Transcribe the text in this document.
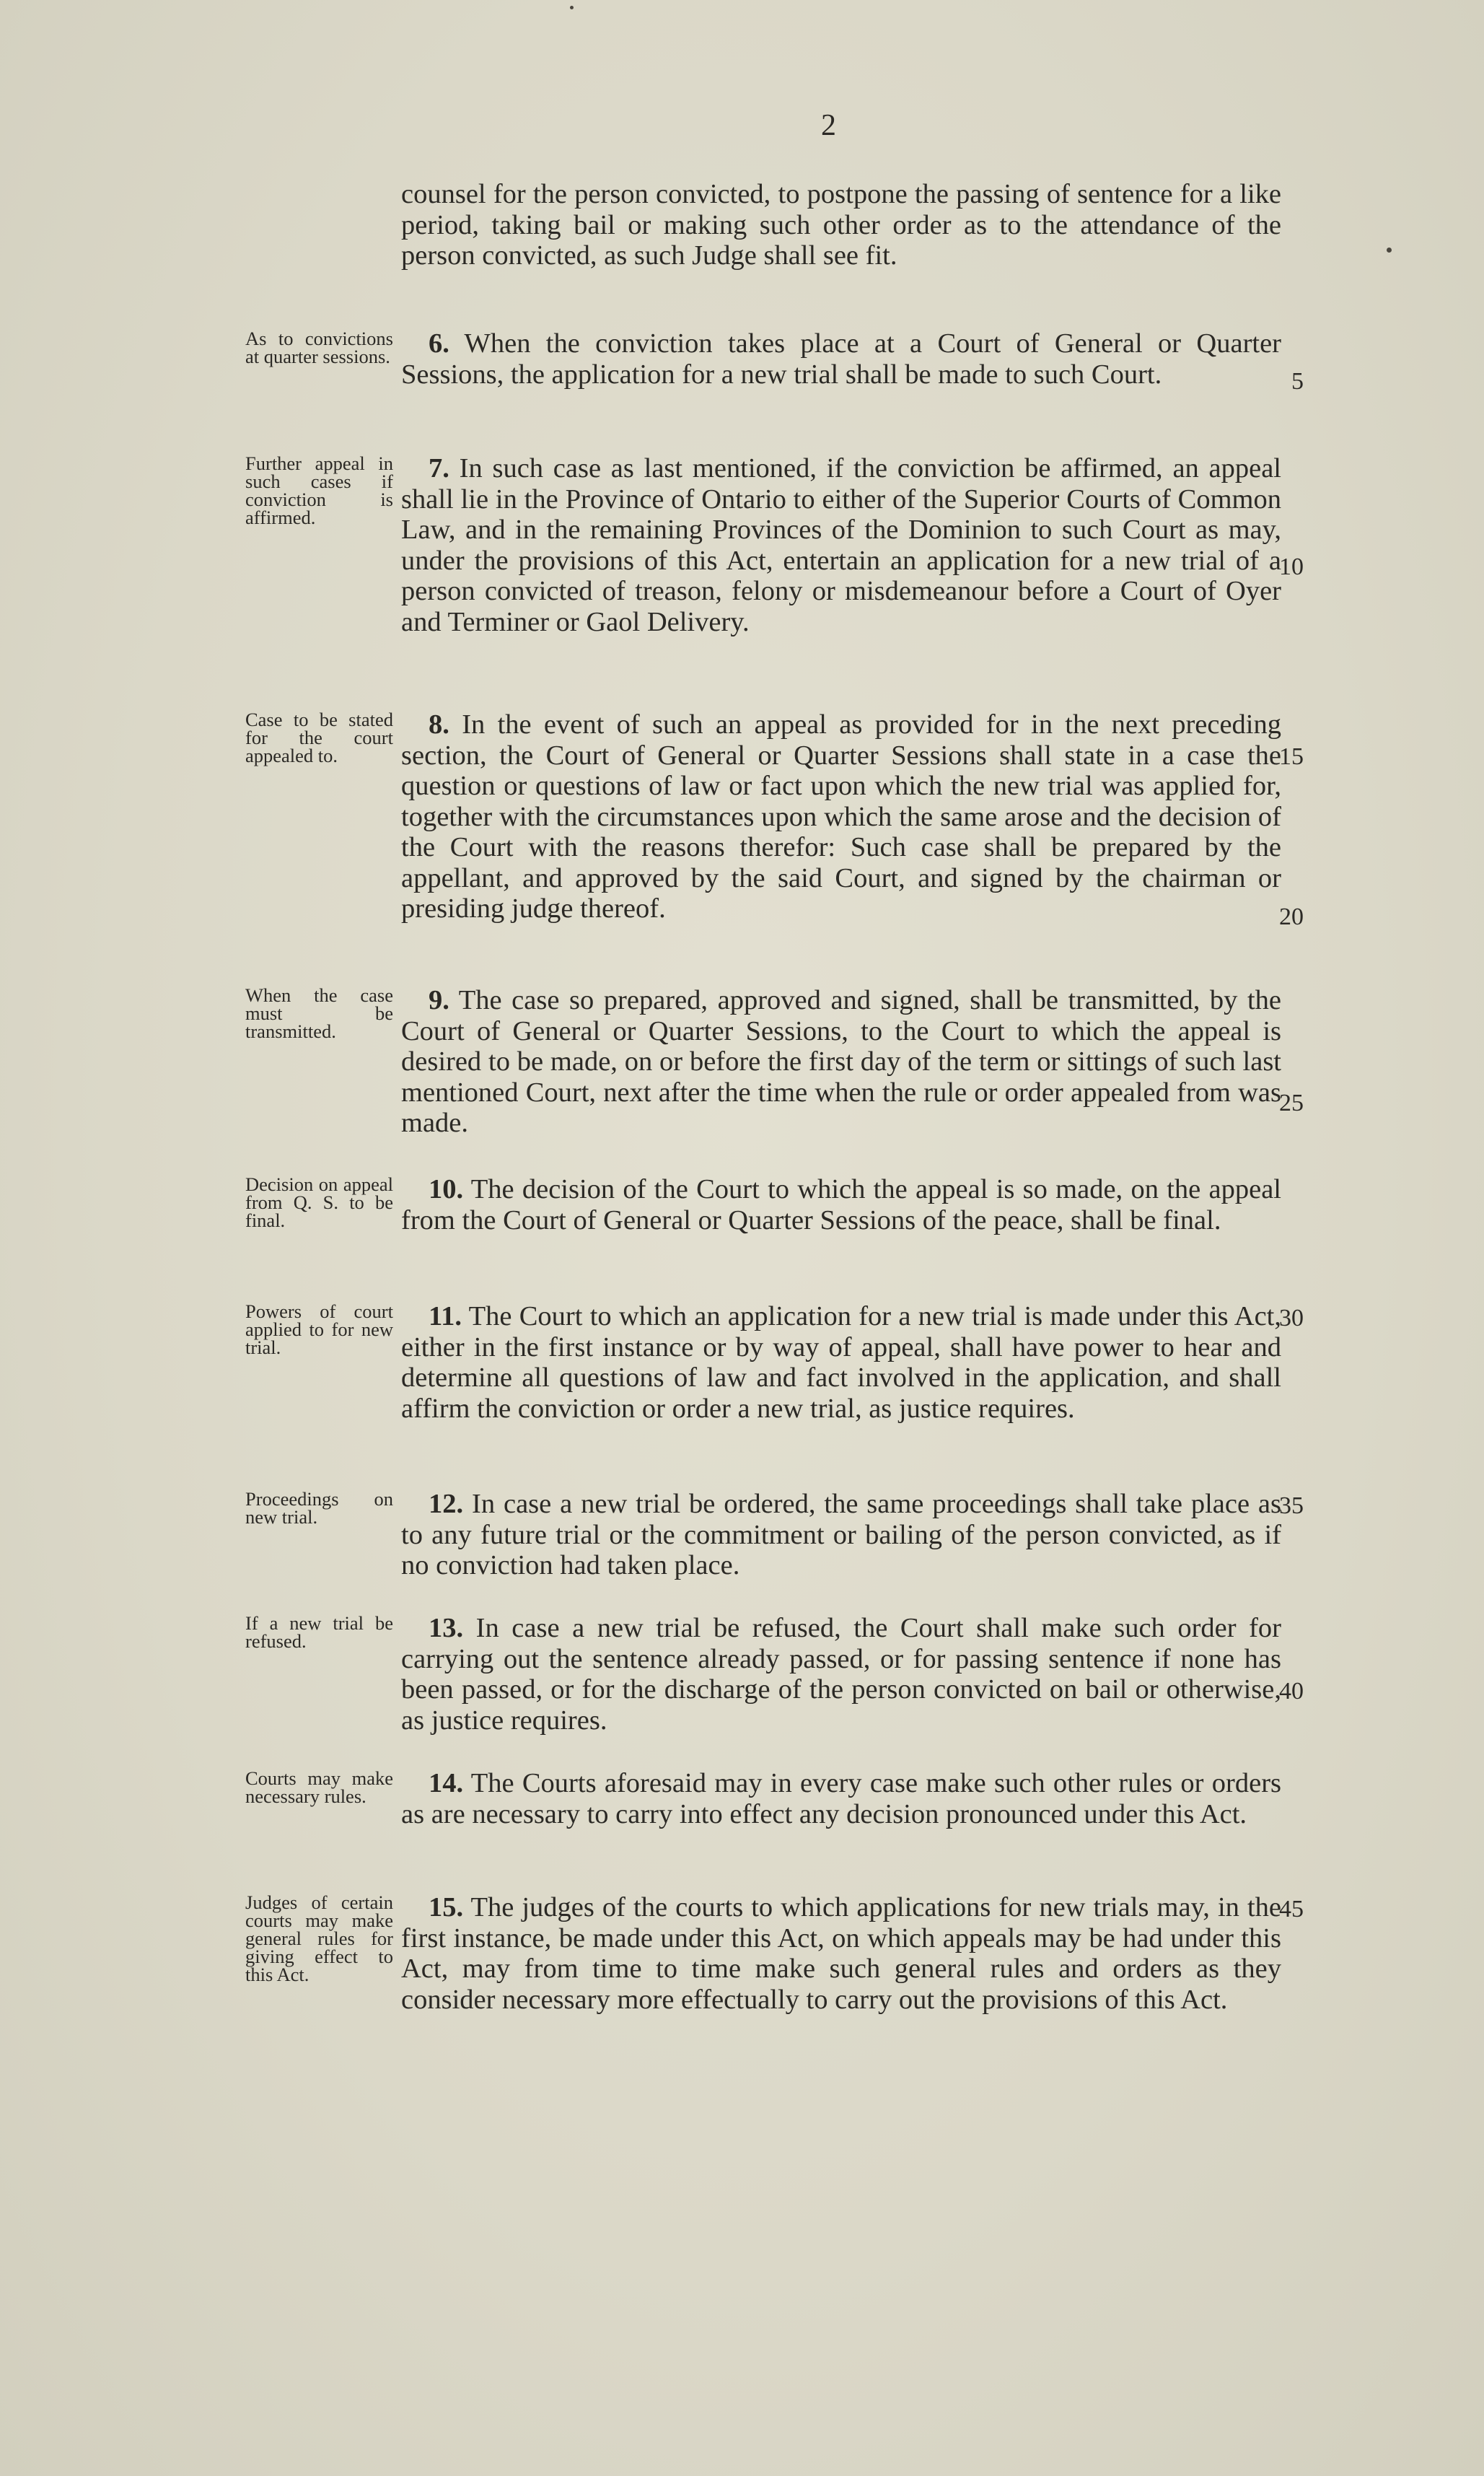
2
counsel for the person convicted, to postpone the passing of sentence for a like period, taking bail or making such other order as to the attendance of the person convicted, as such Judge shall see fit.
As to convictions at quarter sessions.	6. When the conviction takes place at a Court of General or Quarter Sessions, the application for a new trial shall be made to such Court.
Further appeal in such cases if conviction is affirmed.
7. In such case as last mentioned, if the conviction be affirmed, an appeal shall lie in the Province of Ontario to either of the Superior Courts of Common Law, and in the remaining Provinces of the Dominion to such Court as may, under the provisions of this Act, entertain an application for a new trial of a person convicted of treason, felony or misdemeanour before a Court of Oyer and Terminer or Gaol Delivery.
Case to be stated for the court appealed to.
8. In the event of such an appeal as provided for in the next preceding section, the Court of General or Quarter Sessions shall state in a case the question or questions of law or fact upon which the new trial was applied for, together with the circumstances upon which the same arose and the decision of the Court with the reasons therefor: Such case shall be prepared by the appellant, and approved by the said Court, and signed by the chairman or presiding judge thereof.
When the case must be transmitted.
9. The case so prepared, approved and signed, shall be transmitted, by the Court of General or Quarter Sessions, to the Court to which the appeal is desired to be made, on or before the first day of the term or sittings of such last mentioned Court, next after the time when the rule or order appealed from was made.
Decision on appeal from Q. S. to be final.
10. The decision of the Court to which the appeal is so made, on the appeal from the Court of General or Quarter Sessions of the peace, shall be final.
Powers of court applied to for new trial.
11. The Court to which an application for a new trial is made under this Act, either in the first instance or by way of appeal, shall have power to hear and determine all questions of law and fact involved in the application, and shall affirm the conviction or order a new trial, as justice requires.
Proceedings on new trial.	12. In case a new trial be ordered, the same proceedings shall take place as to any future trial or the commitment or bailing of the person convicted, as if no conviction had taken place.
If a new trial be refused.	13. In case a new trial be refused, the Court shall make such order for carrying out the sentence already passed, or for passing sentence if none has been passed, or for the discharge of the person convicted on bail or otherwise, as justice requires.
Courts may make necessary rules.	14. The Courts aforesaid may in every case make such other rules or orders as are necessary to carry into effect any decision pronounced under this Act.
Judges of certain courts may make general rules for giving effect to this Act.
15. The judges of the courts to which applications for new trials may, in the first instance, be made under this Act, on which appeals may be had under this Act, may from time to time make such general rules and orders as they consider necessary more effectually to carry out the provisions of this Act.
5
10
15
20
25
30
35
40
45
